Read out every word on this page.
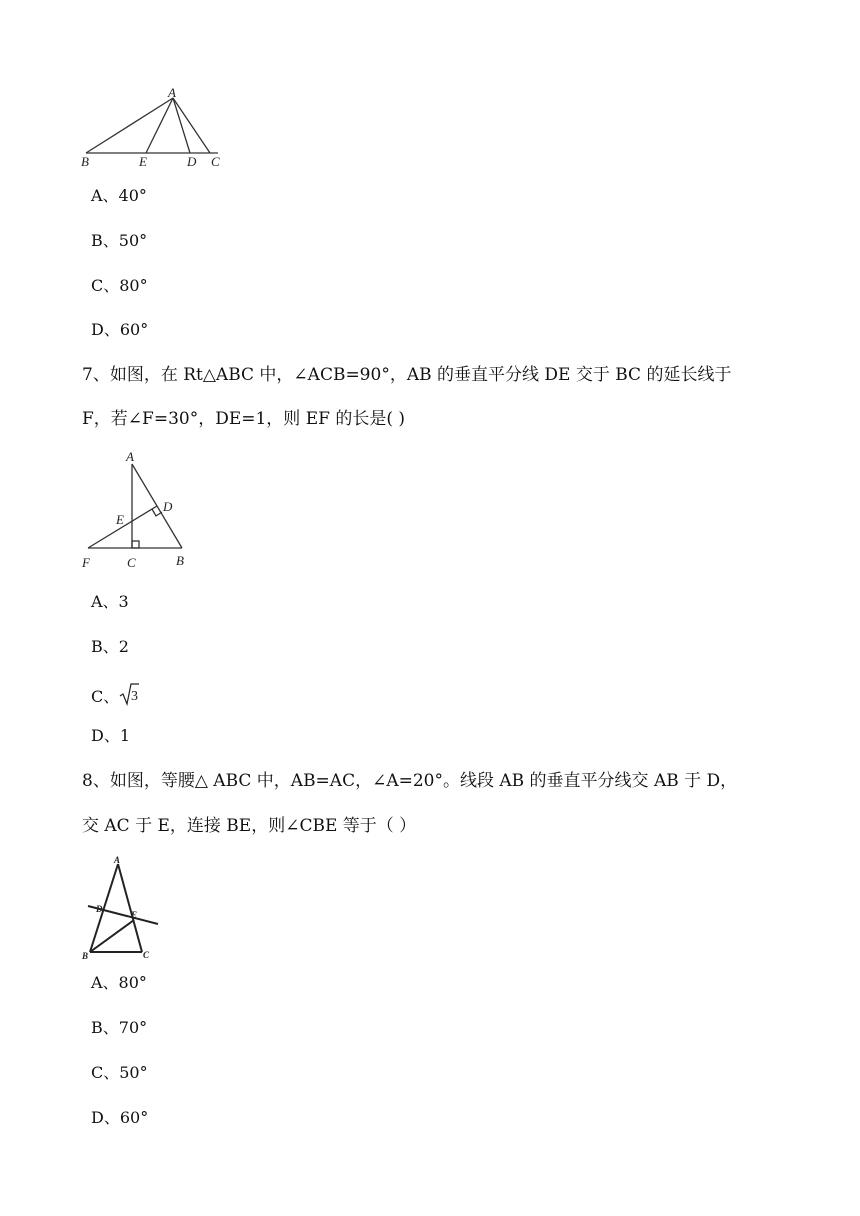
A
B	E	D C
A、40°
B、50°
C、80°
D、60°
7、如图，在 Rt△ABC 中，∠ACB=90°，AB 的垂直平分线 DE 交于 BC 的延长线于
F，若∠F=30°，DE=1，则 EF 的长是( )
A
D
E
F	C	B
A、3
B、2
C、 3
D、1
8、如图，等腰△ ABC 中，AB=AC，∠A=20°。线段 AB 的垂直平分线交 AB 于 D，
交 AC 于 E，连接 BE，则∠CBE 等于（ ）
A
D
E
B	C
A、80°
B、70°
C、50°
D、60°
